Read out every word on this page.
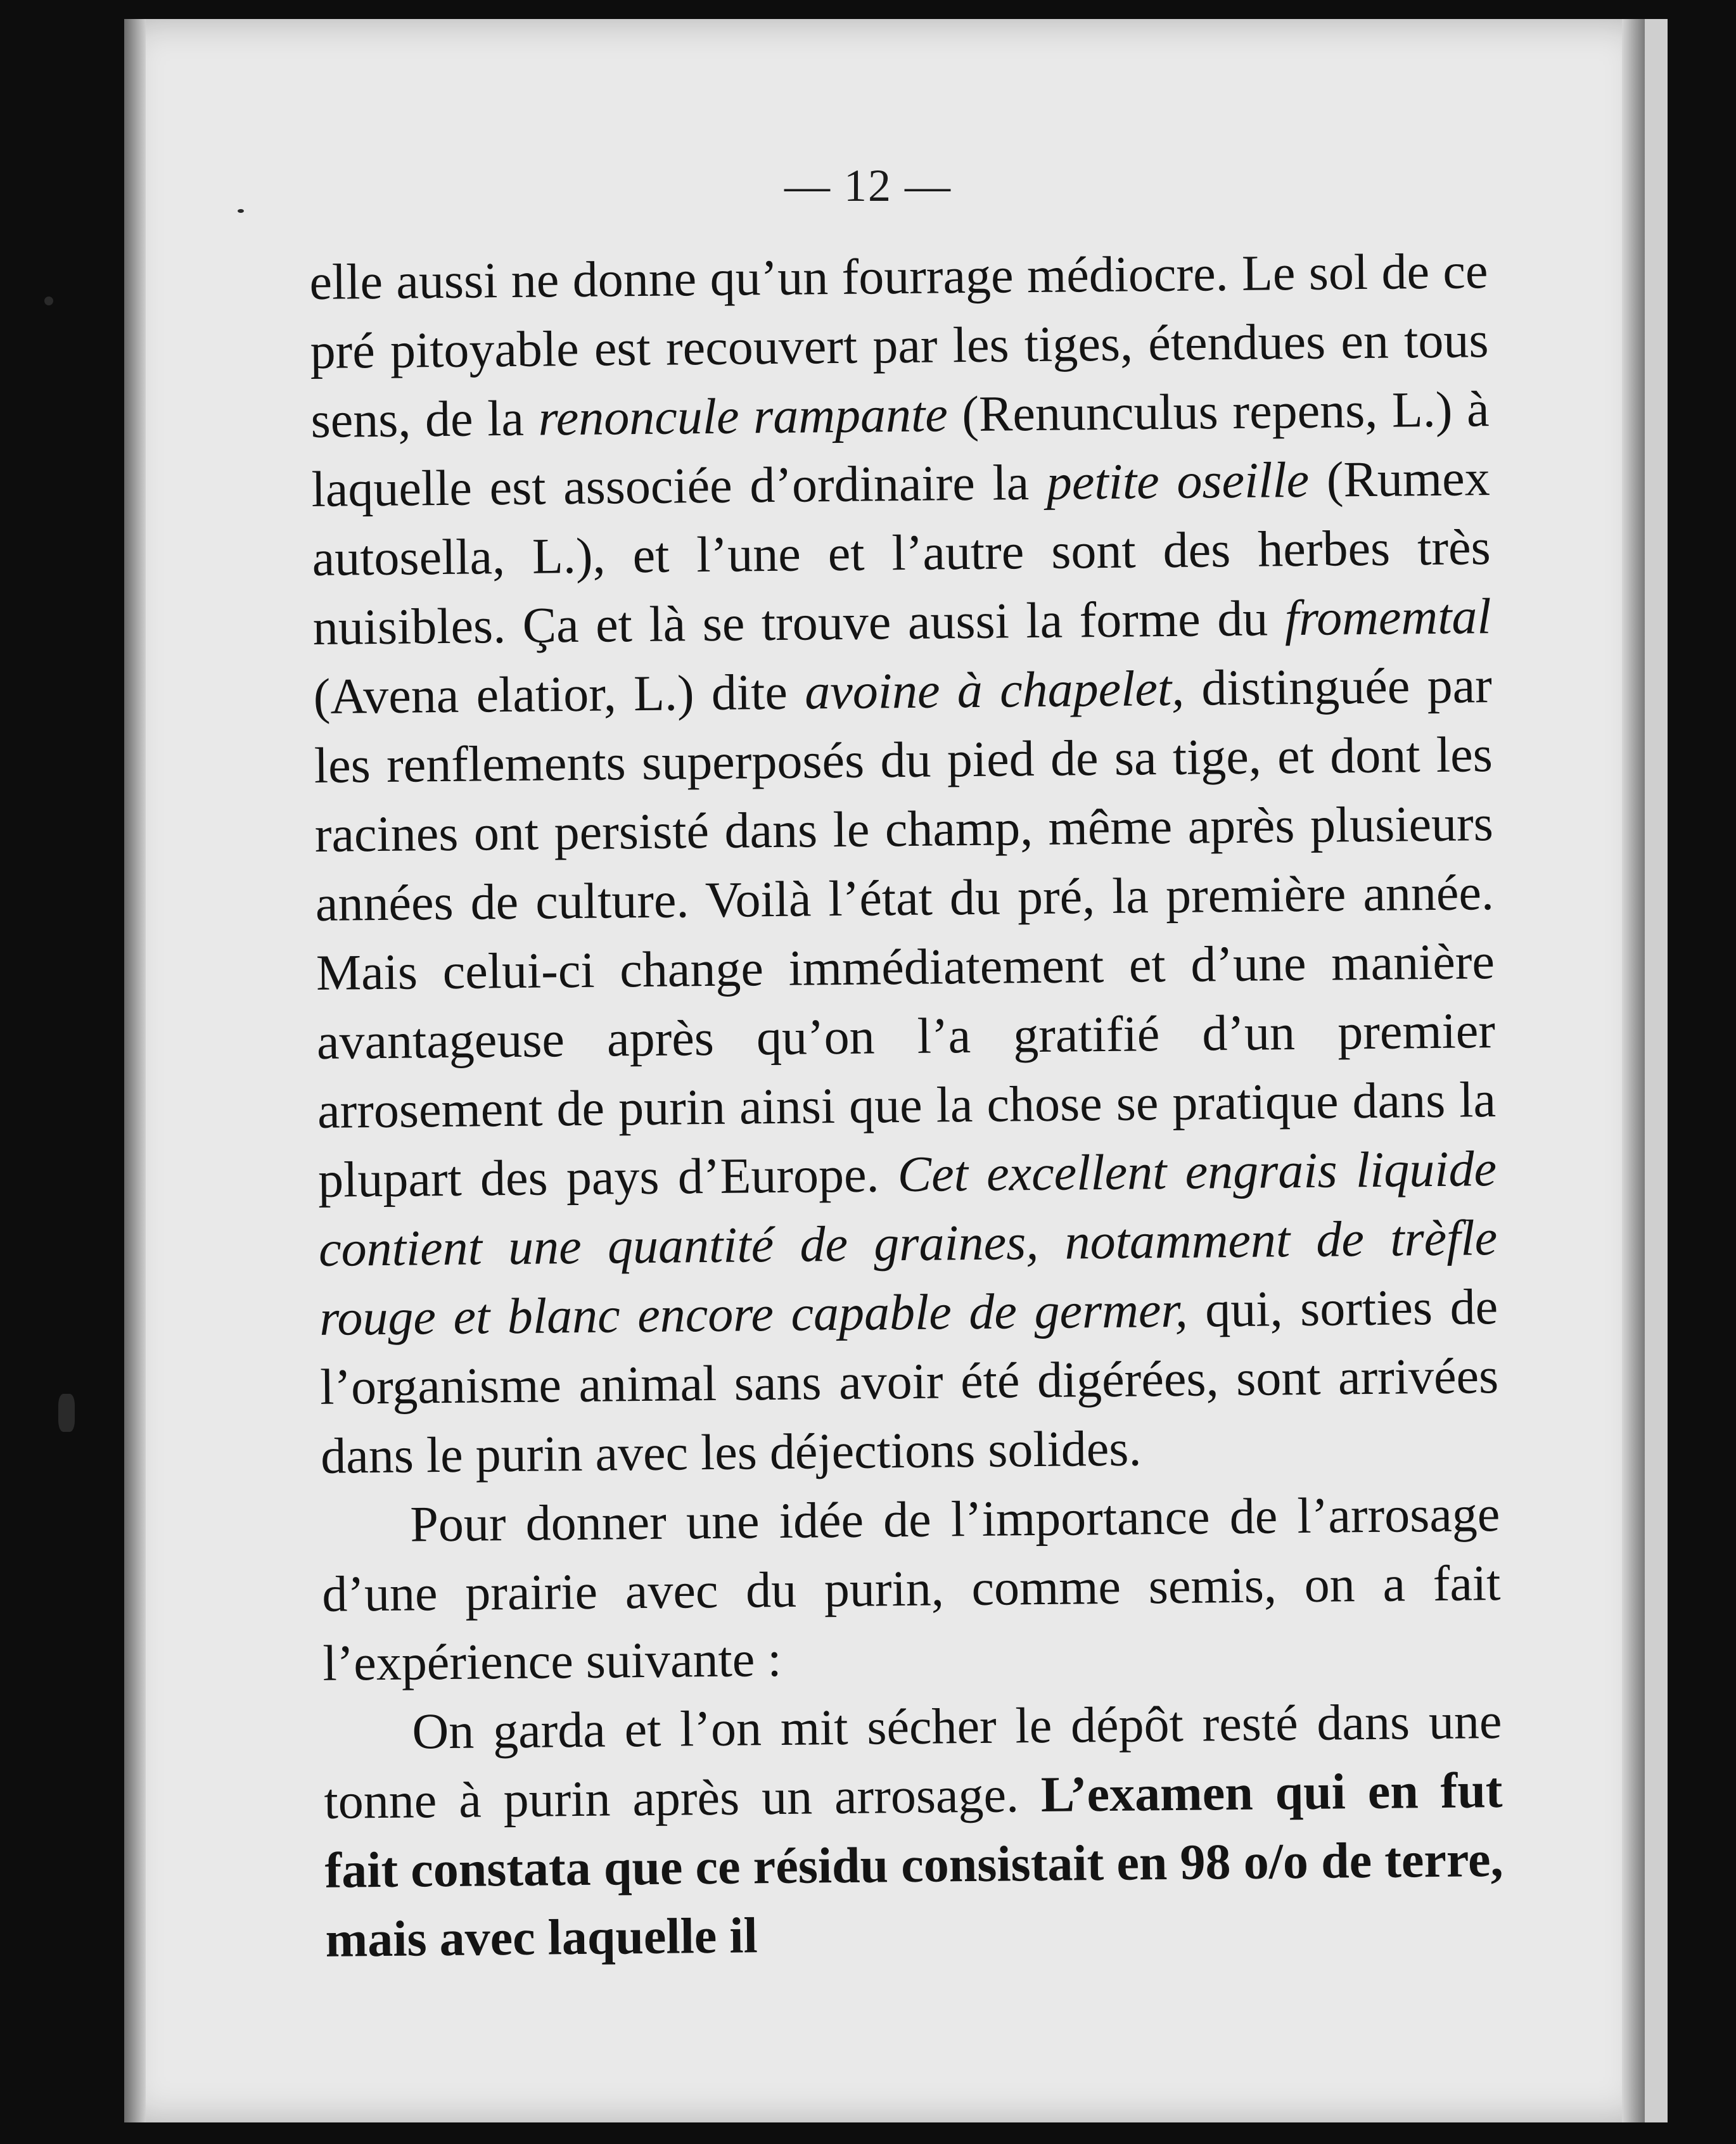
— 12 —

elle aussi ne donne qu’un fourrage médiocre. Le sol de ce pré pitoyable est recouvert par les tiges, étendues en tous sens, de la renoncule rampante (Renunculus repens, L.) à laquelle est associée d’ordinaire la petite oseille (Rumex autosella, L.), et l’une et l’autre sont des herbes très nuisibles. Ça et là se trouve aussi la forme du fromemtal (Avena elatior, L.) dite avoine à chapelet, distinguée par les renflements superposés du pied de sa tige, et dont les racines ont persisté dans le champ, même après plusieurs années de culture. Voilà l’état du pré, la première année. Mais celui-ci change immédiatement et d’une manière avantageuse après qu’on l’a gratifié d’un premier arrosement de purin ainsi que la chose se pratique dans la plupart des pays d’Europe. Cet excellent engrais liquide contient une quantité de graines, notamment de trèfle rouge et blanc encore capable de germer, qui, sorties de l’organisme animal sans avoir été digérées, sont arrivées dans le purin avec les déjections solides.

Pour donner une idée de l’importance de l’arrosage d’une prairie avec du purin, comme semis, on a fait l’expérience suivante :

On garda et l’on mit sécher le dépôt resté dans une tonne à purin après un arrosage. L’examen qui en fut fait constata que ce résidu consistait en 98 o/o de terre, mais avec laquelle il
